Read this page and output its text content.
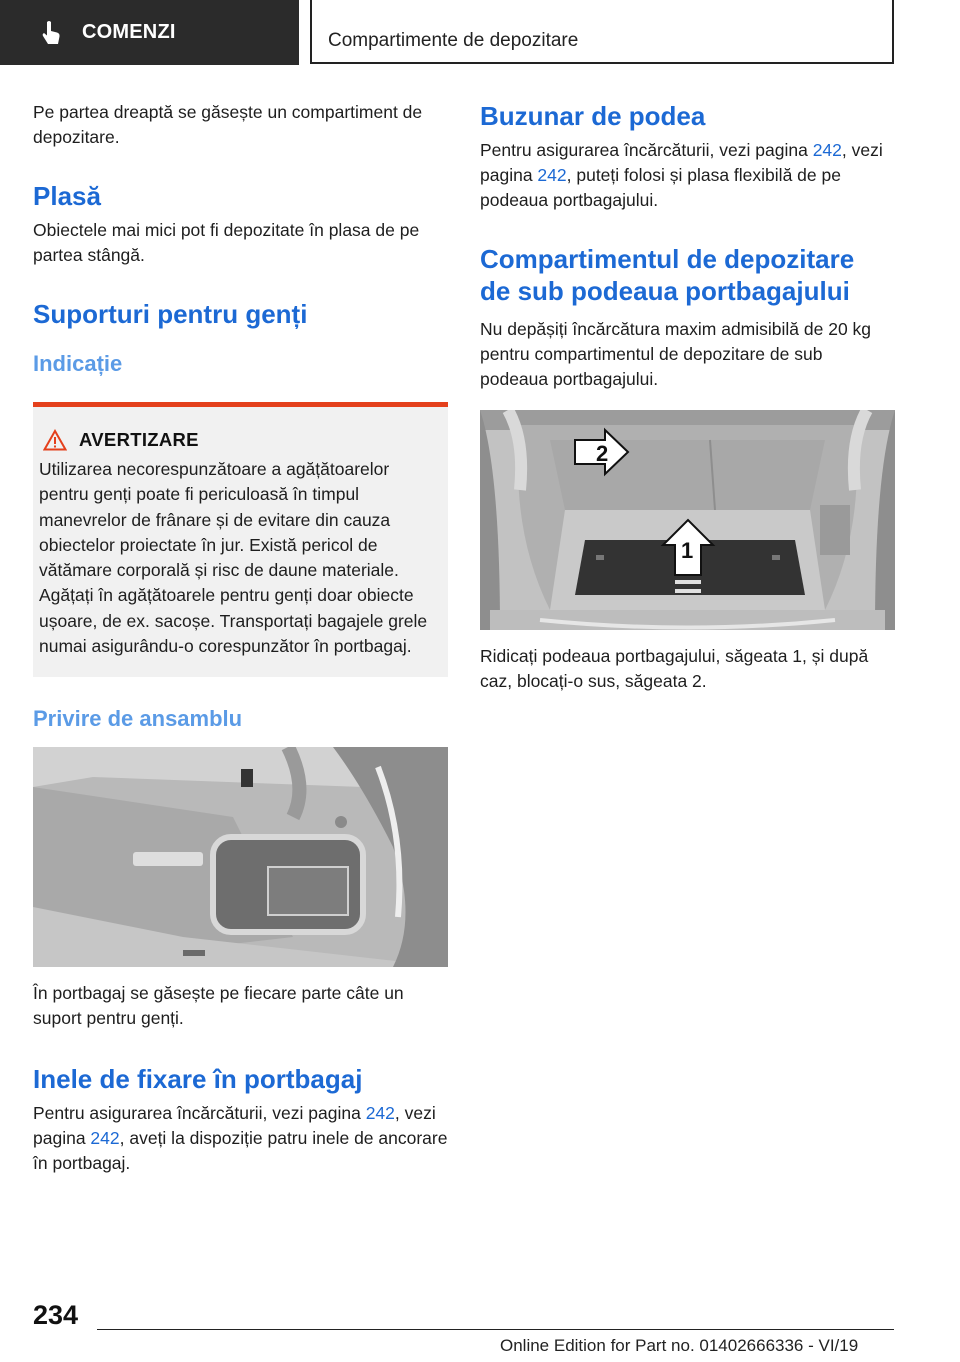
COMENZI	Compartimente de depozitare

Pe partea dreaptă se găsește un compartiment de depozitare.

Plasă

Obiectele mai mici pot fi depozitate în plasa de pe partea stângă.

Suporturi pentru genți
Indicație
AVERTIZARE

Utilizarea necorespunzătoare a agățătoarelor pentru genți poate fi periculoasă în timpul manevrelor de frânare și de evitare din cauza obiectelor proiectate în jur. Există pericol de vătămare corporală și risc de daune materiale. Agățați în agățătoarele pentru genți doar obiecte ușoare, de ex. sacoșe. Transportați bagajele grele numai asigurându-o corespunzător în portbagaj.

Privire de ansamblu

În portbagaj se găsește pe fiecare parte câte un suport pentru genți.

Inele de fixare în portbagaj

Pentru asigurarea încărcăturii, vezi pagina 242, vezi pagina 242, aveți la dispoziție patru inele de ancorare în portbagaj.

Buzunar de podea

Pentru asigurarea încărcăturii, vezi pagina 242, vezi pagina 242, puteți folosi și plasa flexibilă de pe podeaua portbagajului.

Compartimentul de depozitare de sub podeaua portbagajului

Nu depășiți încărcătura maxim admisibilă de 20 kg pentru compartimentul de depozitare de sub podeaua portbagajului.

2
1

Ridicați podeaua portbagajului, săgeata 1, și după caz, blocați-o sus, săgeata 2.

234
Online Edition for Part no. 01402666336 - VI/19
